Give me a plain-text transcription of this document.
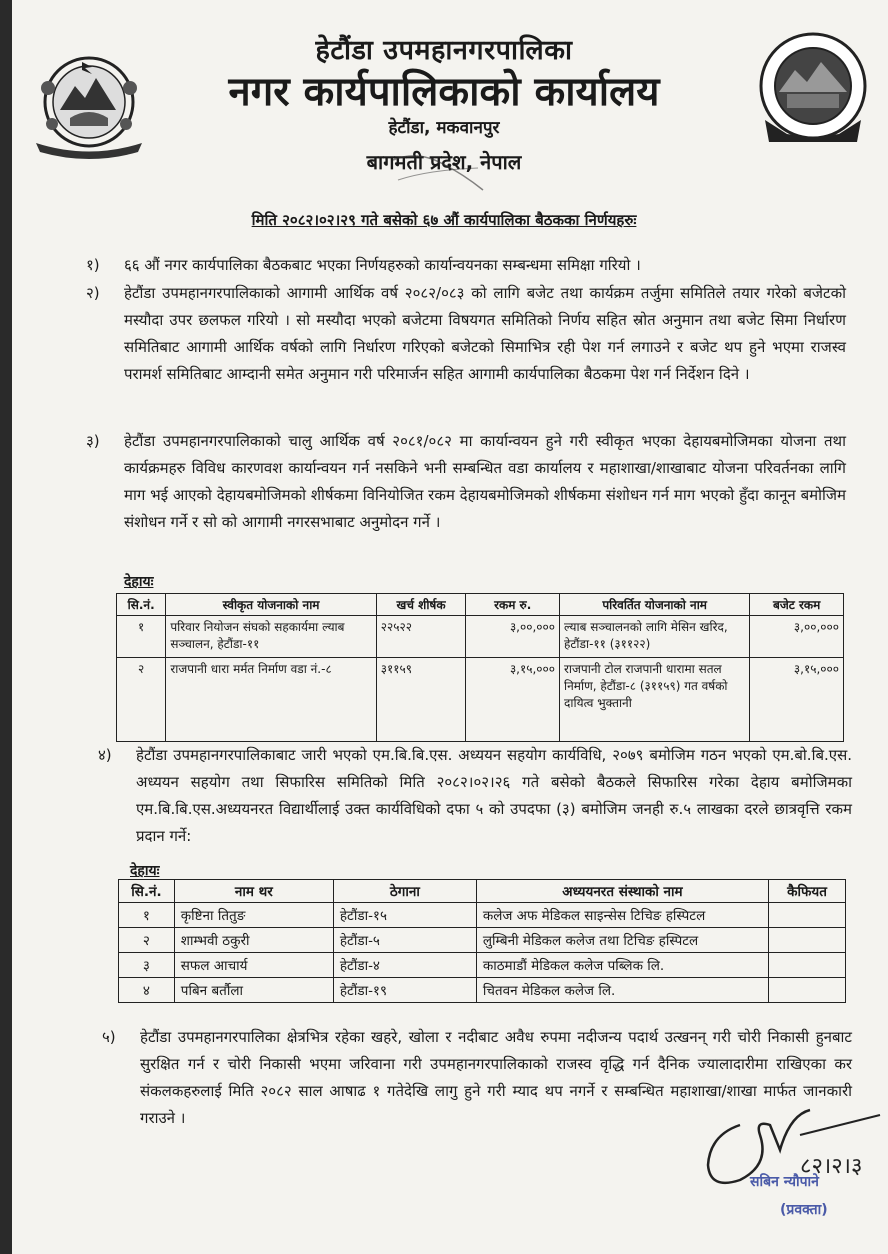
हेटौंडा उपमहानगरपालिका
नगर कार्यपालिकाको कार्यालय
हेटौंडा, मकवानपुर
बागमती प्रदेश, नेपाल
मिति २०८२।०२।२९ गते बसेको ६७ औं कार्यपालिका बैठकका निर्णयहरुः
१) ६६ औं नगर कार्यपालिका बैठकबाट भएका निर्णयहरुको कार्यान्वयनका सम्बन्धमा समिक्षा गरियो ।
२) हेटौंडा उपमहानगरपालिकाको आगामी आर्थिक वर्ष २०८२/०८३ को लागि बजेट तथा कार्यक्रम तर्जुमा समितिले तयार गरेको बजेटको मस्यौदा उपर छलफल गरियो । सो मस्यौदा भएको बजेटमा विषयगत समितिको निर्णय सहित स्रोत अनुमान तथा बजेट सिमा निर्धारण समितिबाट आगामी आर्थिक वर्षको लागि निर्धारण गरिएको बजेटको सिमाभित्र रही पेश गर्न लगाउने र बजेट थप हुने भएमा राजस्व परामर्श समितिबाट आम्दानी समेत अनुमान गरी परिमार्जन सहित आगामी कार्यपालिका बैठकमा पेश गर्न निर्देशन दिने ।
३) हेटौंडा उपमहानगरपालिकाको चालु आर्थिक वर्ष २०८१/०८२ मा कार्यान्वयन हुने गरी स्वीकृत भएका देहायबमोजिमका योजना तथा कार्यक्रमहरु विविध कारणवश कार्यान्वयन गर्न नसकिने भनी सम्बन्धित वडा कार्यालय र महाशाखा/शाखाबाट योजना परिवर्तनका लागि माग भई आएको देहायबमोजिमको शीर्षकमा विनियोजित रकम देहायबमोजिमको शीर्षकमा संशोधन गर्न माग भएको हुँदा कानून बमोजिम संशोधन गर्ने र सो को आगामी नगरसभाबाट अनुमोदन गर्ने ।
देहायः
सि.नं.	स्वीकृत योजनाको नाम	खर्च शीर्षक	रकम रु.	परिवर्तित योजनाको नाम	बजेट रकम
१	परिवार नियोजन संघको सहकार्यमा ल्याब सञ्चालन, हेटौंडा-११	२२५२२	३,००,०००	ल्याब सञ्चालनको लागि मेसिन खरिद, हेटौंडा-११ (३११२२)	३,००,०००
२	राजपानी धारा मर्मत निर्माण वडा नं.-८	३११५९	३,१५,०००	राजपानी टोल राजपानी धारामा सतल निर्माण, हेटौंडा-८ (३११५९) गत वर्षको दायित्व भुक्तानी	३,१५,०००
४) हेटौंडा उपमहानगरपालिकाबाट जारी भएको एम.बि.बि.एस. अध्ययन सहयोग कार्यविधि, २०७९ बमोजिम गठन भएको एम.बो.बि.एस. अध्ययन सहयोग तथा सिफारिस समितिको मिति २०८२।०२।२६ गते बसेको बैठकले सिफारिस गरेका देहाय बमोजिमका एम.बि.बि.एस.अध्ययनरत विद्यार्थीलाई उक्त कार्यविधिको दफा ५ को उपदफा (३) बमोजिम जनही रु.५ लाखका दरले छात्रवृत्ति रकम प्रदान गर्ने:
देहायः
सि.नं.	नाम थर	ठेगाना	अध्ययनरत संस्थाको नाम	कैफियत
१	कृष्टिना तितुङ	हेटौंडा-१५	कलेज अफ मेडिकल साइन्सेस टिचिङ हस्पिटल	
२	शाम्भवी ठकुरी	हेटौंडा-५	लुम्बिनी मेडिकल कलेज तथा टिचिङ हस्पिटल	
३	सफल आचार्य	हेटौंडा-४	काठमाडौं मेडिकल कलेज पब्लिक लि.	
४	पबिन बर्तौला	हेटौंडा-१९	चितवन मेडिकल कलेज लि.	
५) हेटौंडा उपमहानगरपालिका क्षेत्रभित्र रहेका खहरे, खोला र नदीबाट अवैध रुपमा नदीजन्य पदार्थ उत्खनन् गरी चोरी निकासी हुनबाट सुरक्षित गर्न र चोरी निकासी भएमा जरिवाना गरी उपमहानगरपालिकाको राजस्व वृद्धि गर्न दैनिक ज्यालादारीमा राखिएका कर संकलकहरुलाई मिति २०८२ साल आषाढ १ गतेदेखि लागु हुने गरी म्याद थप नगर्ने र सम्बन्धित महाशाखा/शाखा मार्फत जानकारी गराउने ।
८२।२।३
सबिन न्यौपाने
(प्रवक्ता)
